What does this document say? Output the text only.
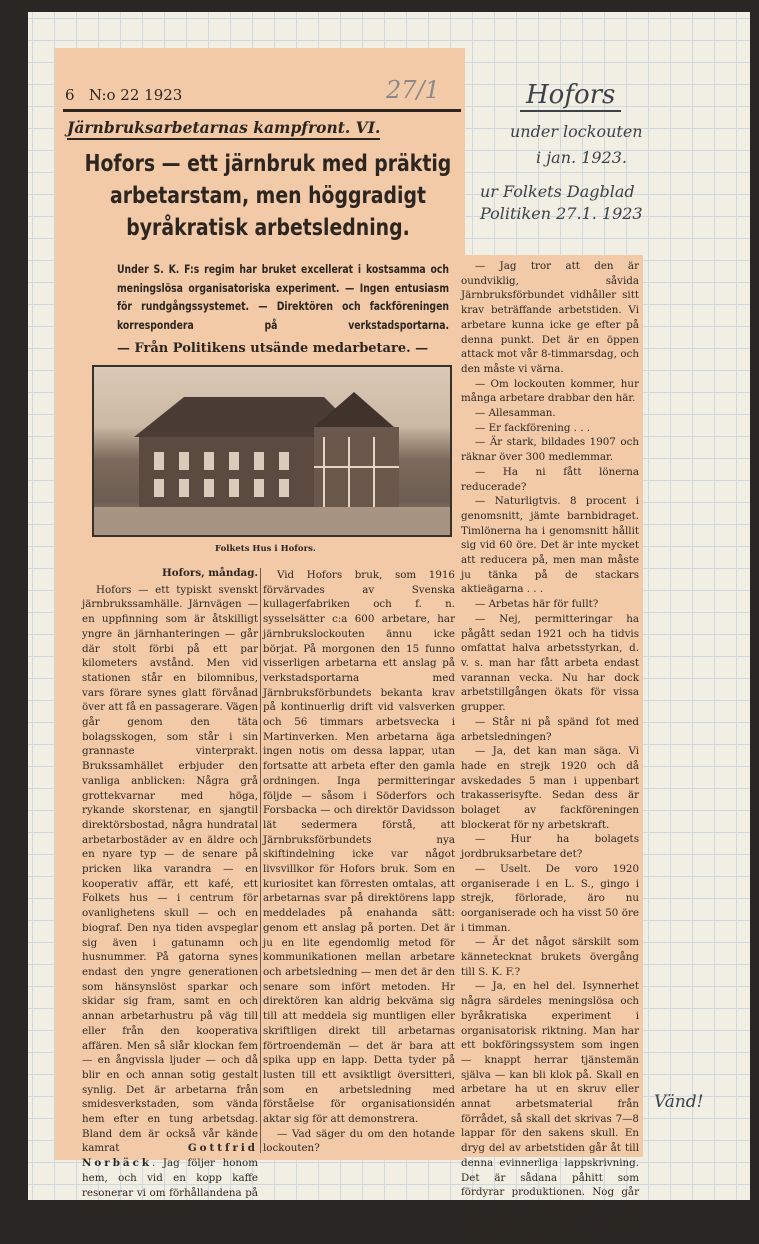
6 N:o 22 1923
Järnbruksarbetarnas kampfront. VI.
Hofors — ett järnbruk med präktig arbetarstam, men höggradigt byråkratisk arbetsledning.
Under S. K. F:s regim har bruket excellerat i kostsamma och meningslösa organisatoriska experiment. — Ingen entusiasm för rundgångssystemet. — Direktören och fackföreningen korrespondera på verkstadsportarna.
— Från Politikens utsände medarbetare. —
Folkets Hus i Hofors.

Hofors, måndag.

Hofors — ett typiskt svenskt järnbrukssamhälle. Järnvägen — en uppfinning som är åtskilligt yngre än järnhanteringen — går där stolt förbi på ett par kilometers avstånd. Men vid stationen står en bilomnibus, vars förare synes glatt förvånad över att få en passagerare. Vägen går genom den täta bolagsskogen, som står i sin grannaste vinterprakt. Brukssamhället erbjuder den vanliga anblicken: Några grå grottekvarnar med höga, rykande skorstenar, en sjangtil direktörsbostad, några hundratal arbetarbostäder av en äldre och en nyare typ — de senare på pricken lika varandra — en kooperativ affär, ett kafé, ett Folkets hus — i centrum för ovanlighetens skull — och en biograf. Den nya tiden avspeglar sig även i gatunamn och husnummer. På gatorna synes endast den yngre generationen som hänsynslöst sparkar och skidar sig fram, samt en och annan arbetarhustru på väg till eller från den kooperativa affären. Men så slår klockan fem — en ångvissla ljuder — och då blir en och annan sotig gestalt synlig. Det är arbetarna från smidesverkstaden, som vända hem efter en tung arbetsdag. Bland dem är också vår kände kamrat	Gottfrid Norbäck. Jag följer honom hem, och vid en kopp kaffe resonerar vi om förhållandena på denna bolagsdomän.

Vid Hofors bruk, som 1916 förvärvades av Svenska kullagerfabriken och f. n. sysselsätter c:a 600 arbetare, har järnbrukslockouten ännu icke börjat. På morgonen den 15 funno visserligen arbetarna ett anslag på verkstadsportarna med Järnbruksförbundets bekanta krav på kontinuerlig drift vid valsverken och 56 timmars arbetsvecka i Martinverken. Men arbetarna äga ingen notis om dessa lappar, utan fortsatte att arbeta efter den gamla ordningen. Inga permitteringar följde — såsom i Söderfors och Forsbacka — och direktör Davidsson lät sedermera förstå, att Järnbruksförbundets nya skiftindelning icke var något livsvillkor för Hofors bruk. Som en kuriositet kan förresten omtalas, att arbetarnas svar på direktörens lapp meddelades på enahanda sätt: genom ett anslag på porten. Det är ju en lite egendomlig metod för kommunikationen mellan arbetare och arbetsledning — men det är den senare som infört metoden. Hr direktören kan aldrig bekväma sig till att meddela sig muntligen eller skriftligen direkt till arbetarnas förtroendemän — det är bara att spika upp en lapp. Detta tyder på lusten till ett avsiktligt översitteri, som en arbetsledning med förståelse för organisationsidén aktar sig för att demonstrera.

— Vad säger du om den hotande lockouten?

— Jag tror att den är oundviklig, såvida Järnbruksförbundet vidhåller sitt krav beträffande arbetstiden. Vi arbetare kunna icke ge efter på denna punkt. Det är en öppen attack mot vår 8-timmarsdag, och den måste vi värna.

— Om lockouten kommer, hur många arbetare drabbar den här.

— Allesamman.

— Er fackförening . . .

— Är stark, bildades 1907 och räknar över 300 medlemmar.

— Ha ni fått lönerna reducerade?

— Naturligtvis. 8 procent i genomsnitt, jämte barnbidraget. Timlönerna ha i genomsnitt hållit sig vid 60 öre. Det är inte mycket att reducera på, men man måste ju tänka på de stackars aktieägarna . . .

— Arbetas här för fullt?

— Nej, permitteringar ha pågått sedan 1921 och ha tidvis omfattat halva arbetsstyrkan, d. v. s. man har fått arbeta endast varannan vecka. Nu har dock arbetstillgången ökats för vissa grupper.

— Står ni på spänd fot med arbetsledningen?

— Ja, det kan man säga. Vi hade en strejk 1920 och då avskedades 5 man i uppenbart trakasserisyfte. Sedan dess är bolaget av fackföreningen blockerat för ny arbetskraft.

— Hur ha bolagets jordbruksarbetare det?

— Uselt. De voro 1920 organiserade i en L. S., gingo i strejk, förlorade, äro nu oorganiserade och ha visst 50 öre i timman.

— Är det något särskilt som kännetecknat brukets övergång till S. K. F.?

— Ja, en hel del. Isynnerhet några särdeles meningslösa och byråkratiska experiment i organisatorisk riktning. Man har ett bokföringssystem som ingen — knappt herrar tjänstemän själva — kan bli klok på. Skall en arbetare ha ut en skruv eller annat arbetsmaterial från förrådet, så skall det skrivas 7—8 lappar för den sakens skull. En dryg del av arbetstiden går åt till denna evinnerliga lappskrivning. Det är sådana påhitt som fördyrar produktionen. Nog går det att åvägabringa den nödvändiga kontrollen utan så där mycket byråkratisk!

27/1	Hofors
under lockouten
i jan. 1923.
ur Folkets Dagblad
Politiken 27.1. 1923
Vänd!
